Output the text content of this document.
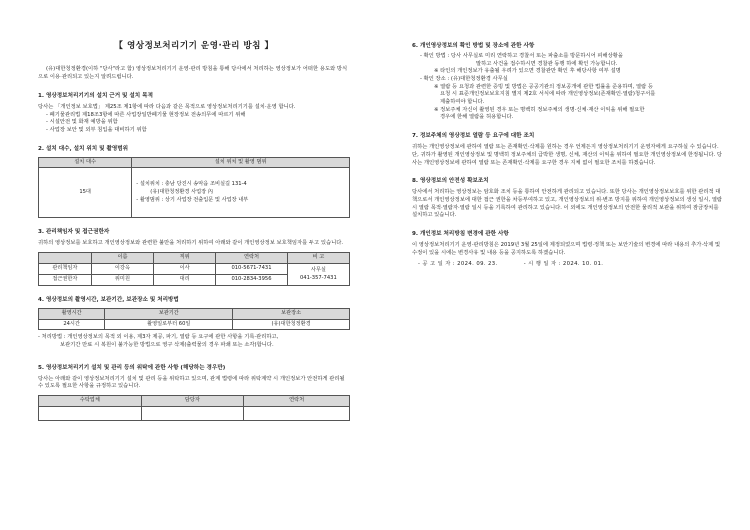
【 영상정보처리기기 운영·관리 방침 】
(유)대한청정환경(이하 "당사"라고 함) 영상정보처리기기 운영·관리 방침을 통해 당사에서 처리하는 영상정보가 어떠한 용도와 방식으로 이용·관리되고 있는지 알려드립니다.
1. 영상정보처리기기의 설치 근거 및 설치 목적
당사는 「개인정보 보호법」 제25조 제1항에 따라 다음과 같은 목적으로 영상정보처리기기를 설치·운영 합니다.
- 폐기물관리법 제18조3항에 따른 사업장일반폐기물 현장정보 전송의무에 따르기 위해
- 시설안전 및 화재 예방을 위함
- 사업장 보안 및 외부 침입을 대비하기 위함
2. 설치 대수, 설치 위치 및 촬영범위
설치 대수	설치 위치 및 촬영 범위
15대	- 설치위치 : 충남 당진시 송악읍 조비실길 131-4
(유)대한청정환경 사업장 內
- 촬영범위 : 상기 사업장 전출입문 및 사업장 내부
3. 관리책임자 및 접근권한자
귀하의 영상정보를 보호하고 개인영상정보와 관련한 불만을 처리하기 위하여 아래와 같이 개인영상정보 보호책임자를 두고 있습니다.
	이름	직위	연락처	비 고
관리책임자	이강옥	이사	010-5671-7431	사무실
041-357-7431

접근권한자	위미원	대리	010-2834-3956	
4. 영상정보의 촬영시간, 보관기간, 보관장소 및 처리방법
촬영시간	보관기간	보관장소
24시간	촬영일로부터 60일	(유)대한청정환경
- 처리방법 : 개인영상정보의 목적 외 이용, 제3자 제공, 파기, 열람 등 요구에 관한 사항을 기록·관리하고,
보관기간 만료 시 복원이 불가능한 방법으로 영구 삭제(출력물의 경우 파쇄 또는 소각)합니다.
5. 영상정보처리기기 설치 및 관리 등의 위탁에 관한 사항 (해당하는 경우만)
당사는 아래와 같이 영상정보처리기기 설치 및 관리 등을 위탁하고 있으며, 관계 법령에 따라 위탁계약 시 개인정보가 안전하게 관리될 수 있도록 필요한 사항을 규정하고 있습니다.
수탁업체	담당자	연락처

6. 개인영상정보의 확인 방법 및 장소에 관한 사항
- 확인 방법 : 당사 사무실로 미리 연락하고 경찰서 또는 파출소를 방문하시어 피해상황을
말하고 사건을 접수하시면 경찰관 동행 하에 확인 가능합니다.
※ 타인의 개인정보가 유출될 우려가 있으면 경찰관만 확인 후 해당사항 여부 설명
- 확인 장소 : (유)대한청정환경 사무실
※ 열람 등 요청과 관련한 증빙 및 방법은 공공기관의 정보공개에 관한 법률을 준용하며, 열람 등
요청 시 표준개인정보보호지침 별지 제2호 서식에 따라 개인영상정보(존재확인·열람)청구서를
제출하여야 합니다.
※ 정보주체 자신이 촬영된 경우 또는 명백히 정보주체의 생명·신체·재산 이익을 위해 필요한
경우에 한해 열람을 허용합니다.
7. 정보주체의 영상정보 열람 등 요구에 대한 조치
귀하는 개인영상정보에 관하여 열람 또는 존재확인·삭제를 원하는 경우 언제든지 영상정보처리기기 운영자에게 요구하실 수 있습니다. 단, 귀하가 촬영된 개인영상정보 및 명백히 정보주체의 급박한 생명, 신체, 재산의 이익을 위하여 필요한 개인영상정보에 한정됩니다. 당사는 개인영상정보에 관하여 열람 또는 존재확인·삭제를 요구한 경우 지체 없이 필요한 조치를 하겠습니다.
8. 영상정보의 안전성 확보조치
당사에서 처리하는 영상정보는 암호화 조치 등을 통하여 안전하게 관리되고 있습니다. 또한 당사는 개인영상정보보호를 위한 관리적 대책으로서 개인영상정보에 대한 접근 권한을 차등부여하고 있고, 개인영상정보의 위·변조 방지를 위하여 개인영상정보의 생성 일시, 열람 시 열람 목적·열람자·열람 일시 등을 기록하여 관리하고 있습니다. 이 외에도 개인영상정보의 안전한 물리적 보관을 위하여 잠금장치를 설치하고 있습니다.
9. 개인정보 처리방침 변경에 관한 사항
이 영상정보처리기기 운영·관리방침은 2019년 3월 25일에 제정되었으며 법령·정책 또는 보안기술의 변경에 따라 내용의 추가·삭제 및 수정이 있을 시에는 변경사유 및 내용 등을 공지하도록 하겠습니다.
- 공 고 일 자 : 2024. 09. 23.	- 시 행 일 자 : 2024. 10. 01.
